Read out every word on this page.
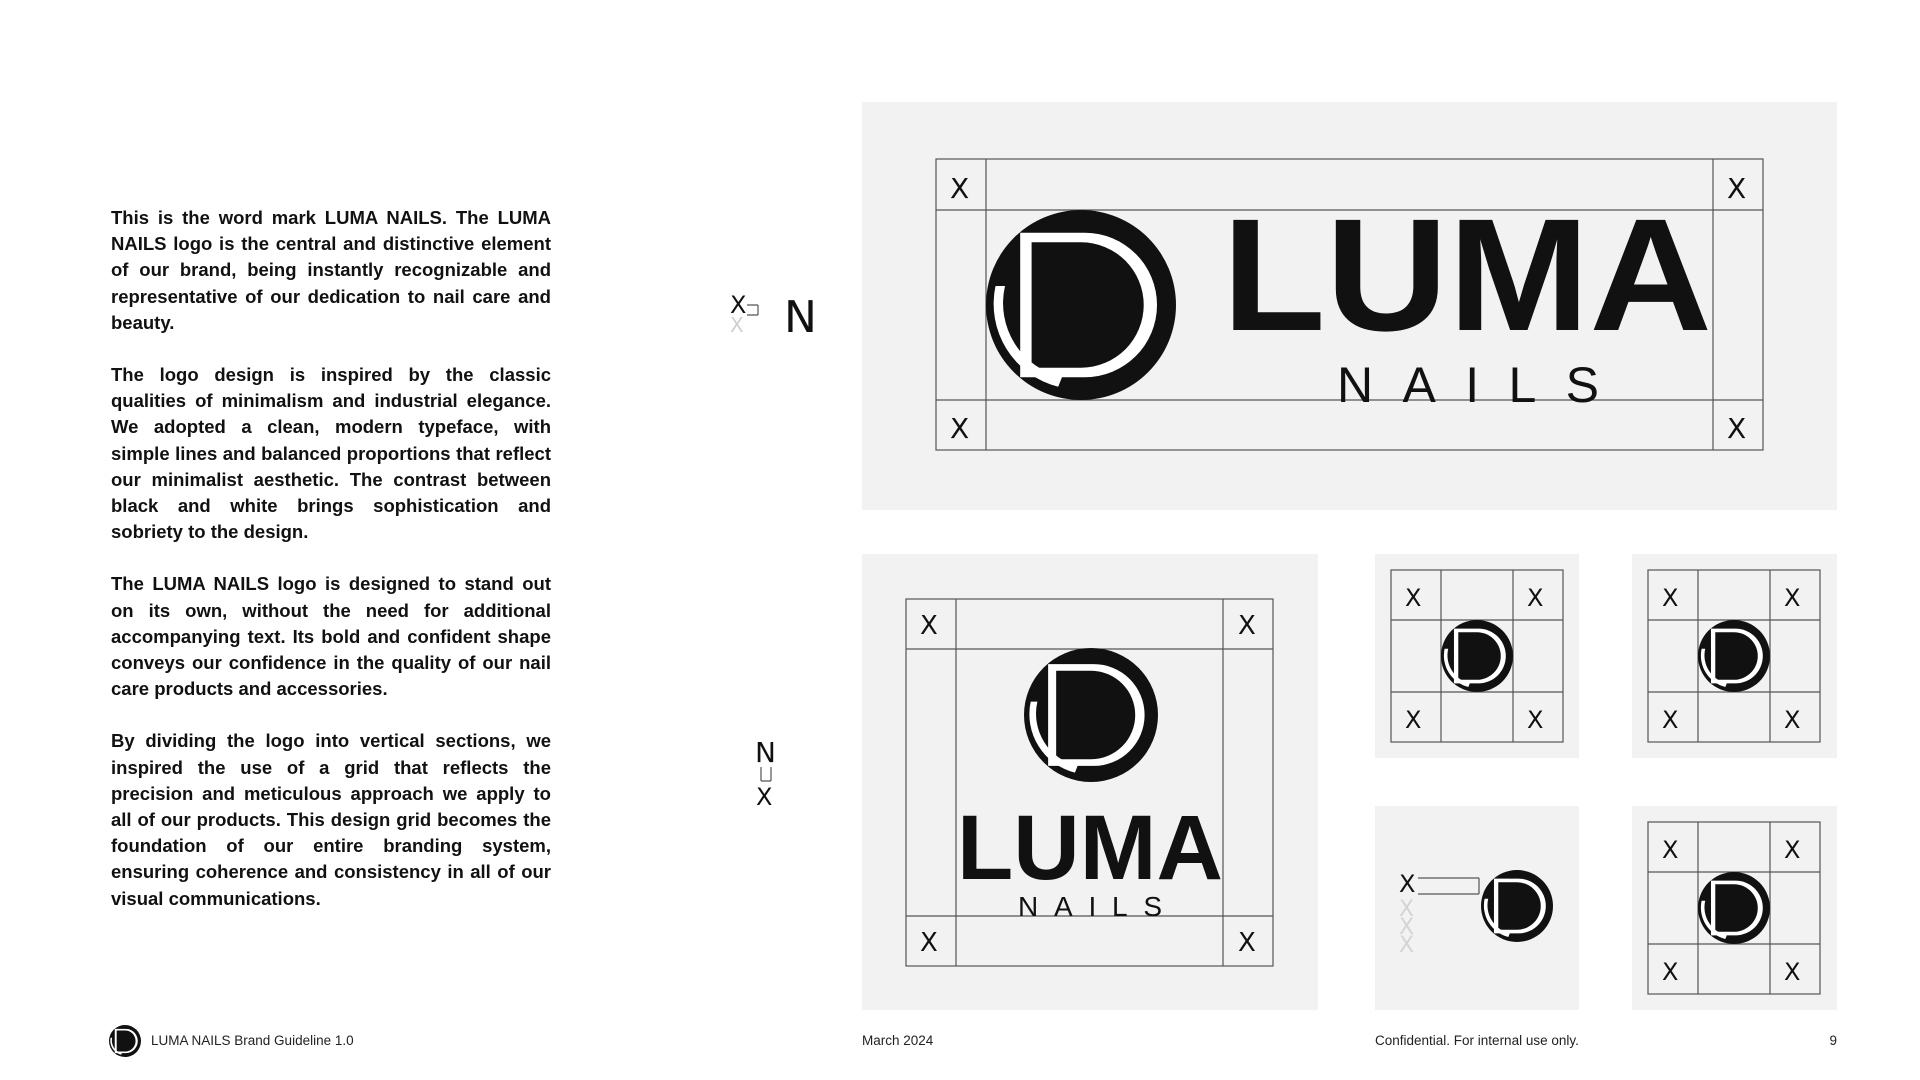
This is the word mark LUMA NAILS. The LUMA NAILS logo is the central and distinctive element of our brand, being instantly recognizable and representative of our dedication to nail care and beauty.

The logo design is inspired by the classic qualities of minimalism and industrial elegance. We adopted a clean, modern typeface, with simple lines and balanced proportions that reflect our minimalist aesthetic. The contrast between black and white brings sophistication and sobriety to the design.

The LUMA NAILS logo is designed to stand out on its own, without the need for additional accompanying text. Its bold and confident shape conveys our confidence in the quality of our nail care products and accessories.

By dividing the logo into vertical sections, we inspired the use of a grid that reflects the precision and meticulous approach we apply to all of our products. This design grid becomes the foundation of our entire branding system, ensuring coherence and consistency in all of our visual communications.

X
X N
N
X
X	X
X	X
LUMA
NAILS
X	X
X	X
LUMA
NAILS
X	X
X	X
X	X
X	X
X
X
X
X
X	X
X	X
LUMA NAILS Brand Guideline 1.0	March 2024	Confidential. For internal use only.	9
